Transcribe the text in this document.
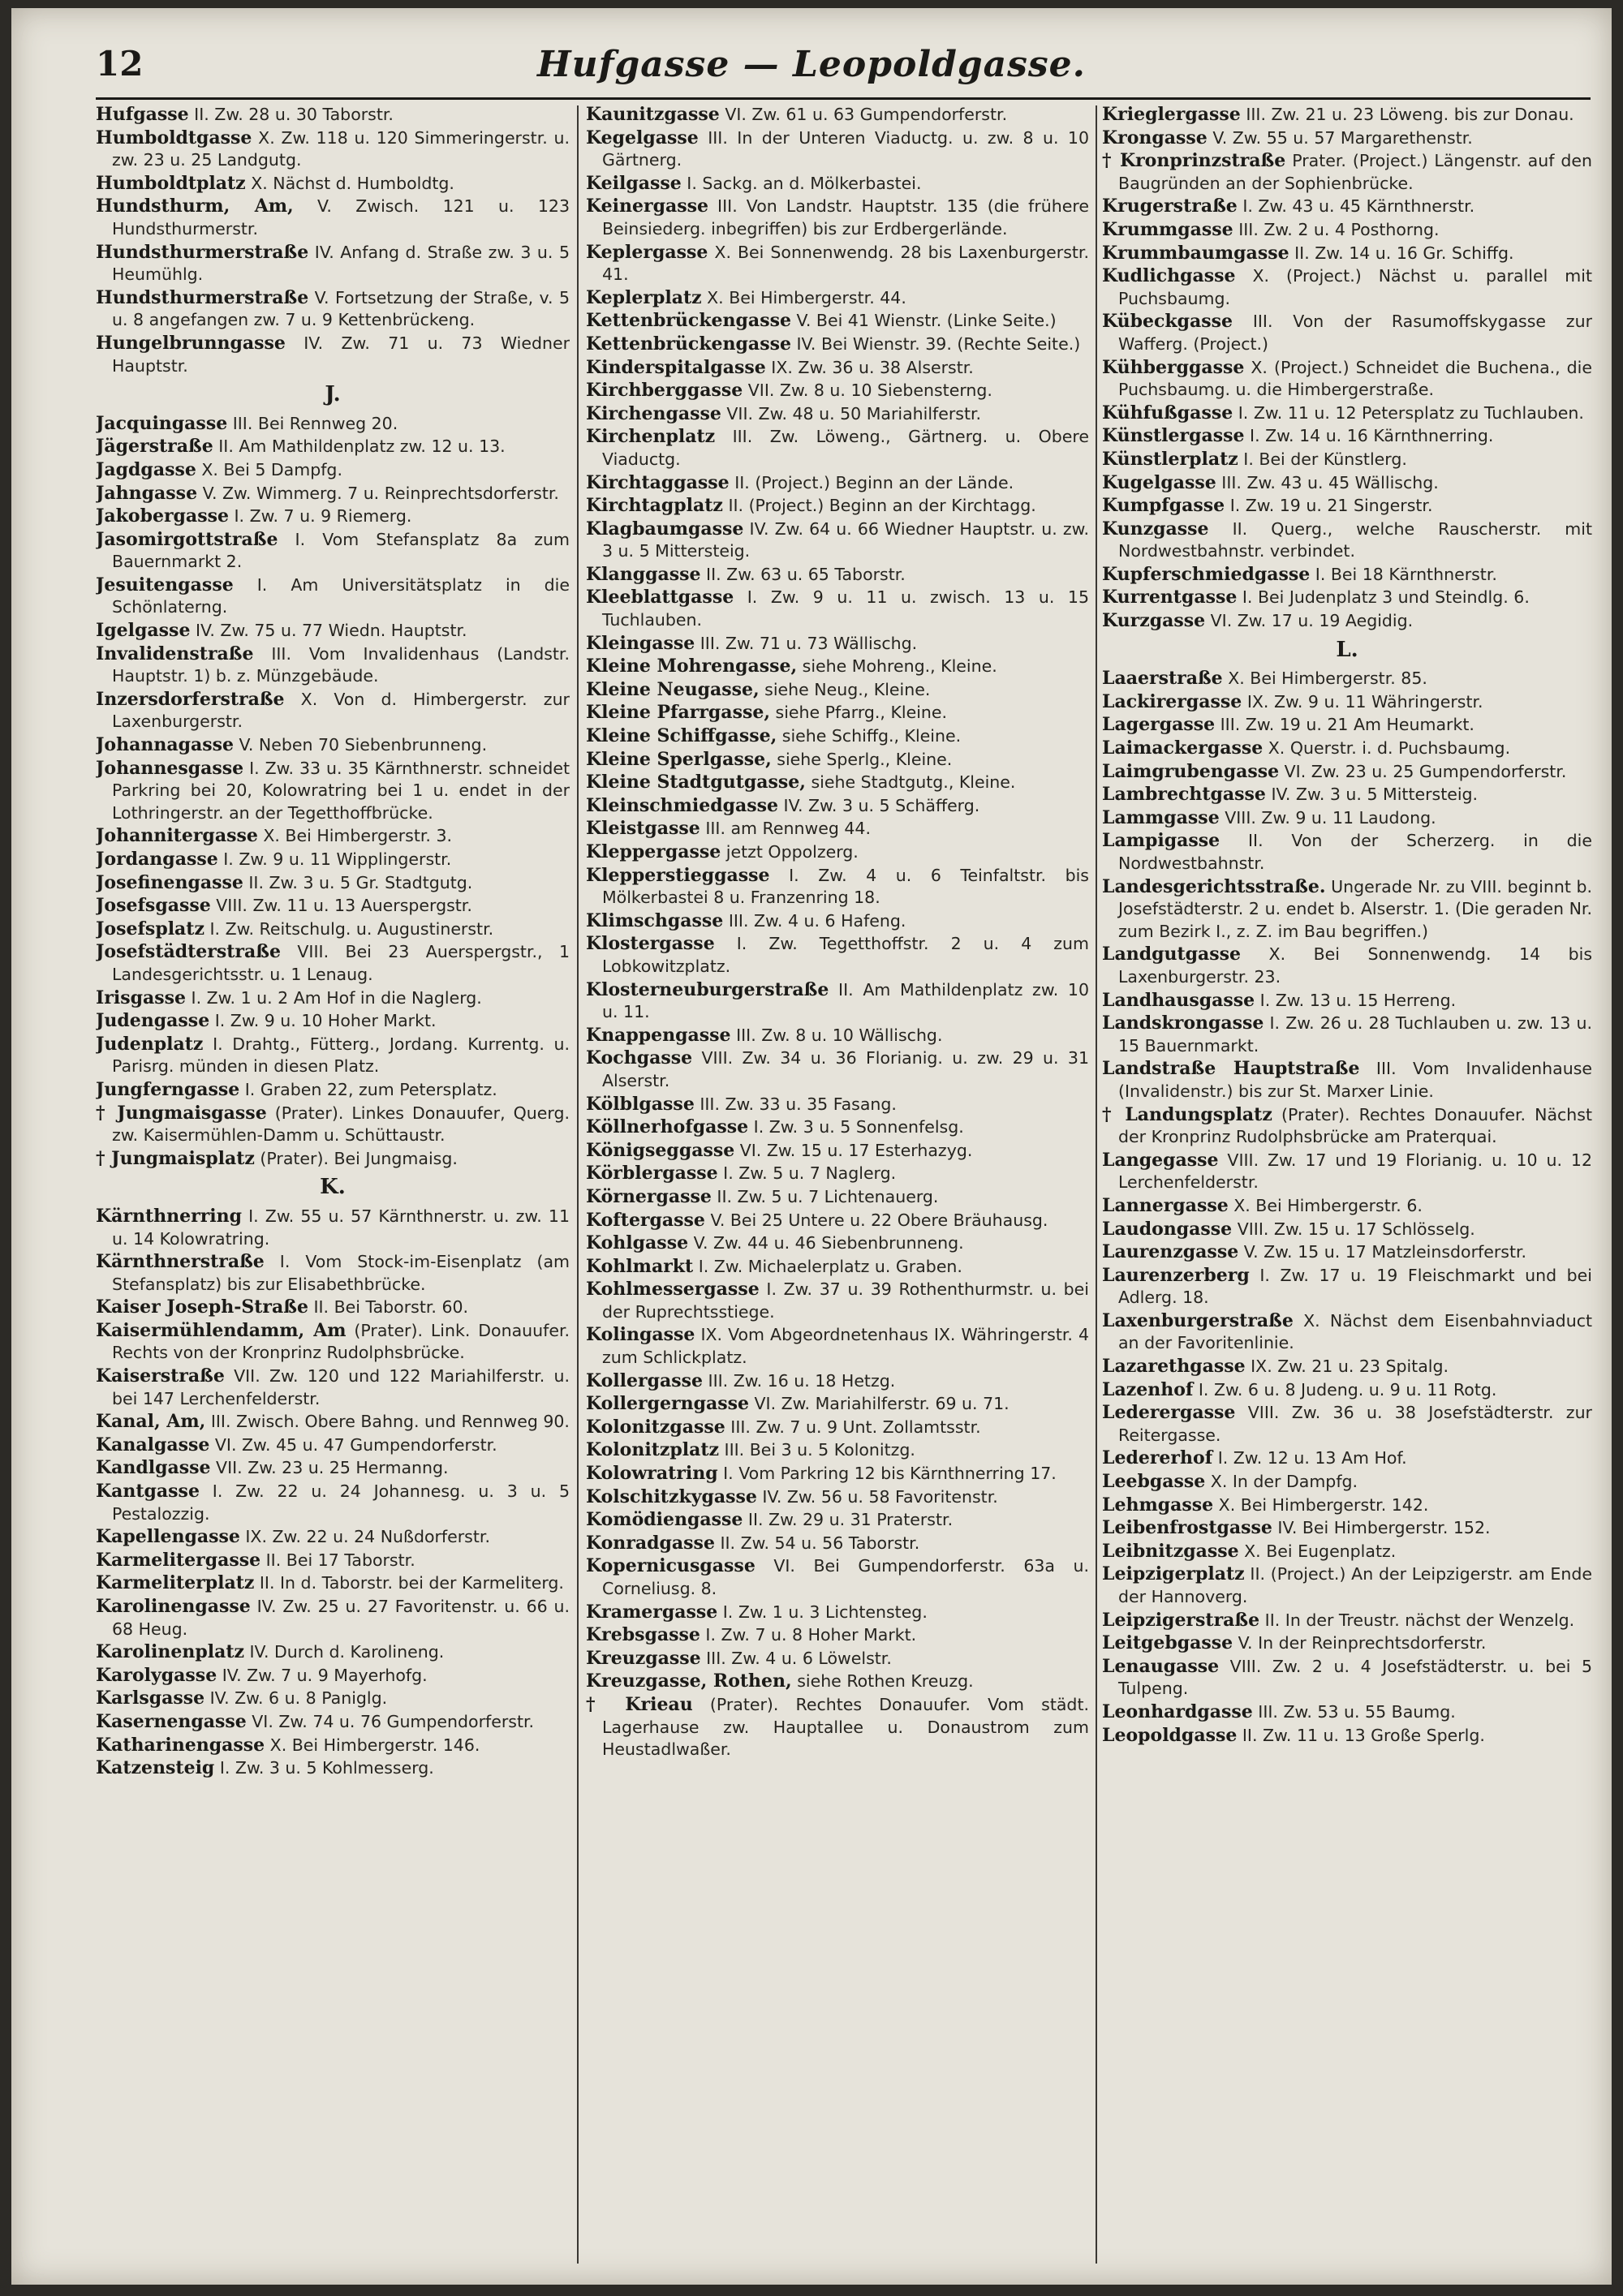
12	Hufgasse — Leopoldgasse.
Hufgasse II. Zw. 28 u. 30 Taborstr.
Humboldtgasse X. Zw. 118 u. 120 Simmeringerstr. u. zw. 23 u. 25 Landgutg.
Humboldtplatz X. Nächst d. Humboldtg.
Hundsthurm, Am, V. Zwisch. 121 u. 123 Hundsthurmerstr.
Hundsthurmerstraße IV. Anfang d. Straße zw. 3 u. 5 Heumühlg.
Hundsthurmerstraße V. Fortsetzung der Straße, v. 5 u. 8 angefangen zw. 7 u. 9 Kettenbrückeng.
Hungelbrunngasse IV. Zw. 71 u. 73 Wiedner Hauptstr.
J.
Jacquingasse III. Bei Rennweg 20.
Jägerstraße II. Am Mathildenplatz zw. 12 u. 13.
Jagdgasse X. Bei 5 Dampfg.
Jahngasse V. Zw. Wimmerg. 7 u. Reinprechtsdorferstr.
Jakobergasse I. Zw. 7 u. 9 Riemerg.
Jasomirgottstraße I. Vom Stefansplatz 8a zum Bauernmarkt 2.
Jesuitengasse I. Am Universitätsplatz in die Schönlaterng.
Igelgasse IV. Zw. 75 u. 77 Wiedn. Hauptstr.
Invalidenstraße III. Vom Invalidenhaus (Landstr. Hauptstr. 1) b. z. Münzgebäude.
Inzersdorferstraße X. Von d. Himbergerstr. zur Laxenburgerstr.
Johannagasse V. Neben 70 Siebenbrunneng.
Johannesgasse I. Zw. 33 u. 35 Kärnthnerstr. schneidet Parkring bei 20, Kolowratring bei 1 u. endet in der Lothringerstr. an der Tegetthoffbrücke.
Johannitergasse X. Bei Himbergerstr. 3.
Jordangasse I. Zw. 9 u. 11 Wipplingerstr.
Josefinengasse II. Zw. 3 u. 5 Gr. Stadtgutg.
Josefsgasse VIII. Zw. 11 u. 13 Auerspergstr.
Josefsplatz I. Zw. Reitschulg. u. Augustinerstr.
Josefstädterstraße VIII. Bei 23 Auerspergstr., 1 Landesgerichtsstr. u. 1 Lenaug.
Irisgasse I. Zw. 1 u. 2 Am Hof in die Naglerg.
Judengasse I. Zw. 9 u. 10 Hoher Markt.
Judenplatz I. Drahtg., Fütterg., Jordang. Kurrentg. u. Parisrg. münden in diesen Platz.
Jungferngasse I. Graben 22, zum Petersplatz.
† Jungmaisgasse (Prater). Linkes Donauufer, Querg. zw. Kaisermühlen-Damm u. Schüttaustr.
† Jungmaisplatz (Prater). Bei Jungmaisg.
K.
Kärnthnerring I. Zw. 55 u. 57 Kärnthnerstr. u. zw. 11 u. 14 Kolowratring.
Kärnthnerstraße I. Vom Stock-im-Eisenplatz (am Stefansplatz) bis zur Elisabethbrücke.
Kaiser Joseph-Straße II. Bei Taborstr. 60.
Kaisermühlendamm, Am (Prater). Link. Donauufer. Rechts von der Kronprinz Rudolphsbrücke.
Kaiserstraße VII. Zw. 120 und 122 Mariahilferstr. u. bei 147 Lerchenfelderstr.
Kanal, Am, III. Zwisch. Obere Bahng. und Rennweg 90.
Kanalgasse VI. Zw. 45 u. 47 Gumpendorferstr.
Kandlgasse VII. Zw. 23 u. 25 Hermanng.
Kantgasse I. Zw. 22 u. 24 Johannesg. u. 3 u. 5 Pestalozzig.
Kapellengasse IX. Zw. 22 u. 24 Nußdorferstr.
Karmelitergasse II. Bei 17 Taborstr.
Karmeliterplatz II. In d. Taborstr. bei der Karmeliterg.
Karolinengasse IV. Zw. 25 u. 27 Favoritenstr. u. 66 u. 68 Heug.
Karolinenplatz IV. Durch d. Karolineng.
Karolygasse IV. Zw. 7 u. 9 Mayerhofg.
Karlsgasse IV. Zw. 6 u. 8 Paniglg.
Kasernengasse VI. Zw. 74 u. 76 Gumpendorferstr.
Katharinengasse X. Bei Himbergerstr. 146.
Katzensteig I. Zw. 3 u. 5 Kohlmesserg.
Kaunitzgasse VI. Zw. 61 u. 63 Gumpendorferstr.
Kegelgasse III. In der Unteren Viaductg. u. zw. 8 u. 10 Gärtnerg.
Keilgasse I. Sackg. an d. Mölkerbastei.
Keinergasse III. Von Landstr. Hauptstr. 135 (die frühere Beinsiederg. inbegriffen) bis zur Erdbergerlände.
Keplergasse X. Bei Sonnenwendg. 28 bis Laxenburgerstr. 41.
Keplerplatz X. Bei Himbergerstr. 44.
Kettenbrückengasse V. Bei 41 Wienstr. (Linke Seite.)
Kettenbrückengasse IV. Bei Wienstr. 39. (Rechte Seite.)
Kinderspitalgasse IX. Zw. 36 u. 38 Alserstr.
Kirchberggasse VII. Zw. 8 u. 10 Siebensterng.
Kirchengasse VII. Zw. 48 u. 50 Mariahilferstr.
Kirchenplatz III. Zw. Löweng., Gärtnerg. u. Obere Viaductg.
Kirchtaggasse II. (Project.) Beginn an der Lände.
Kirchtagplatz II. (Project.) Beginn an der Kirchtagg.
Klagbaumgasse IV. Zw. 64 u. 66 Wiedner Hauptstr. u. zw. 3 u. 5 Mittersteig.
Klanggasse II. Zw. 63 u. 65 Taborstr.
Kleeblattgasse I. Zw. 9 u. 11 u. zwisch. 13 u. 15 Tuchlauben.
Kleingasse III. Zw. 71 u. 73 Wällischg.
Kleine Mohrengasse, siehe Mohreng., Kleine.
Kleine Neugasse, siehe Neug., Kleine.
Kleine Pfarrgasse, siehe Pfarrg., Kleine.
Kleine Schiffgasse, siehe Schiffg., Kleine.
Kleine Sperlgasse, siehe Sperlg., Kleine.
Kleine Stadtgutgasse, siehe Stadtgutg., Kleine.
Kleinschmiedgasse IV. Zw. 3 u. 5 Schäfferg.
Kleistgasse III. am Rennweg 44.
Kleppergasse jetzt Oppolzerg.
Klepperstieggasse I. Zw. 4 u. 6 Teinfaltstr. bis Mölkerbastei 8 u. Franzenring 18.
Klimschgasse III. Zw. 4 u. 6 Hafeng.
Klostergasse I. Zw. Tegetthoffstr. 2 u. 4 zum Lobkowitzplatz.
Klosterneuburgerstraße II. Am Mathildenplatz zw. 10 u. 11.
Knappengasse III. Zw. 8 u. 10 Wällischg.
Kochgasse VIII. Zw. 34 u. 36 Florianig. u. zw. 29 u. 31 Alserstr.
Kölblgasse III. Zw. 33 u. 35 Fasang.
Köllnerhofgasse I. Zw. 3 u. 5 Sonnenfelsg.
Königseggasse VI. Zw. 15 u. 17 Esterhazyg.
Körblergasse I. Zw. 5 u. 7 Naglerg.
Körnergasse II. Zw. 5 u. 7 Lichtenauerg.
Koftergasse V. Bei 25 Untere u. 22 Obere Bräuhausg.
Kohlgasse V. Zw. 44 u. 46 Siebenbrunneng.
Kohlmarkt I. Zw. Michaelerplatz u. Graben.
Kohlmessergasse I. Zw. 37 u. 39 Rothenthurmstr. u. bei der Ruprechtsstiege.
Kolingasse IX. Vom Abgeordnetenhaus IX. Währingerstr. 4 zum Schlickplatz.
Kollergasse III. Zw. 16 u. 18 Hetzg.
Kollergerngasse VI. Zw. Mariahilferstr. 69 u. 71.
Kolonitzgasse III. Zw. 7 u. 9 Unt. Zollamtsstr.
Kolonitzplatz III. Bei 3 u. 5 Kolonitzg.
Kolowratring I. Vom Parkring 12 bis Kärnthnerring 17.
Kolschitzkygasse IV. Zw. 56 u. 58 Favoritenstr.
Komödiengasse II. Zw. 29 u. 31 Praterstr.
Konradgasse II. Zw. 54 u. 56 Taborstr.
Kopernicusgasse VI. Bei Gumpendorferstr. 63a u. Corneliusg. 8.
Kramergasse I. Zw. 1 u. 3 Lichtensteg.
Krebsgasse I. Zw. 7 u. 8 Hoher Markt.
Kreuzgasse III. Zw. 4 u. 6 Löwelstr.
Kreuzgasse, Rothen, siehe Rothen Kreuzg.
† Krieau (Prater). Rechtes Donauufer. Vom städt. Lagerhause zw. Hauptallee u. Donaustrom zum Heustadlwaßer.
Krieglergasse III. Zw. 21 u. 23 Löweng. bis zur Donau.
Krongasse V. Zw. 55 u. 57 Margarethenstr.
† Kronprinzstraße Prater. (Project.) Längenstr. auf den Baugründen an der Sophienbrücke.
Krugerstraße I. Zw. 43 u. 45 Kärnthnerstr.
Krummgasse III. Zw. 2 u. 4 Posthorng.
Krummbaumgasse II. Zw. 14 u. 16 Gr. Schiffg.
Kudlichgasse X. (Project.) Nächst u. parallel mit Puchsbaumg.
Kübeckgasse III. Von der Rasumoffskygasse zur Wafferg. (Project.)
Kühberggasse X. (Project.) Schneidet die Buchena., die Puchsbaumg. u. die Himbergerstraße.
Kühfußgasse I. Zw. 11 u. 12 Petersplatz zu Tuchlauben.
Künstlergasse I. Zw. 14 u. 16 Kärnthnerring.
Künstlerplatz I. Bei der Künstlerg.
Kugelgasse III. Zw. 43 u. 45 Wällischg.
Kumpfgasse I. Zw. 19 u. 21 Singerstr.
Kunzgasse II. Querg., welche Rauscherstr. mit Nordwestbahnstr. verbindet.
Kupferschmiedgasse I. Bei 18 Kärnthnerstr.
Kurrentgasse I. Bei Judenplatz 3 und Steindlg. 6.
Kurzgasse VI. Zw. 17 u. 19 Aegidig.
L.
Laaerstraße X. Bei Himbergerstr. 85.
Lackirergasse IX. Zw. 9 u. 11 Währingerstr.
Lagergasse III. Zw. 19 u. 21 Am Heumarkt.
Laimackergasse X. Querstr. i. d. Puchsbaumg.
Laimgrubengasse VI. Zw. 23 u. 25 Gumpendorferstr.
Lambrechtgasse IV. Zw. 3 u. 5 Mittersteig.
Lammgasse VIII. Zw. 9 u. 11 Laudong.
Lampigasse II. Von der Scherzerg. in die Nordwestbahnstr.
Landesgerichtsstraße. Ungerade Nr. zu VIII. beginnt b. Josefstädterstr. 2 u. endet b. Alserstr. 1. (Die geraden Nr. zum Bezirk I., z. Z. im Bau begriffen.)
Landgutgasse X. Bei Sonnenwendg. 14 bis Laxenburgerstr. 23.
Landhausgasse I. Zw. 13 u. 15 Herreng.
Landskrongasse I. Zw. 26 u. 28 Tuchlauben u. zw. 13 u. 15 Bauernmarkt.
Landstraße Hauptstraße III. Vom Invalidenhause (Invalidenstr.) bis zur St. Marxer Linie.
† Landungsplatz (Prater). Rechtes Donauufer. Nächst der Kronprinz Rudolphsbrücke am Praterquai.
Langegasse VIII. Zw. 17 und 19 Florianig. u. 10 u. 12 Lerchenfelderstr.
Lannergasse X. Bei Himbergerstr. 6.
Laudongasse VIII. Zw. 15 u. 17 Schlösselg.
Laurenzgasse V. Zw. 15 u. 17 Matzleinsdorferstr.
Laurenzerberg I. Zw. 17 u. 19 Fleischmarkt und bei Adlerg. 18.
Laxenburgerstraße X. Nächst dem Eisenbahnviaduct an der Favoritenlinie.
Lazarethgasse IX. Zw. 21 u. 23 Spitalg.
Lazenhof I. Zw. 6 u. 8 Judeng. u. 9 u. 11 Rotg.
Lederergasse VIII. Zw. 36 u. 38 Josefstädterstr. zur Reitergasse.
Ledererhof I. Zw. 12 u. 13 Am Hof.
Leebgasse X. In der Dampfg.
Lehmgasse X. Bei Himbergerstr. 142.
Leibenfrostgasse IV. Bei Himbergerstr. 152.
Leibnitzgasse X. Bei Eugenplatz.
Leipzigerplatz II. (Project.) An der Leipzigerstr. am Ende der Hannoverg.
Leipzigerstraße II. In der Treustr. nächst der Wenzelg.
Leitgebgasse V. In der Reinprechtsdorferstr.
Lenaugasse VIII. Zw. 2 u. 4 Josefstädterstr. u. bei 5 Tulpeng.
Leonhardgasse III. Zw. 53 u. 55 Baumg.
Leopoldgasse II. Zw. 11 u. 13 Große Sperlg.
